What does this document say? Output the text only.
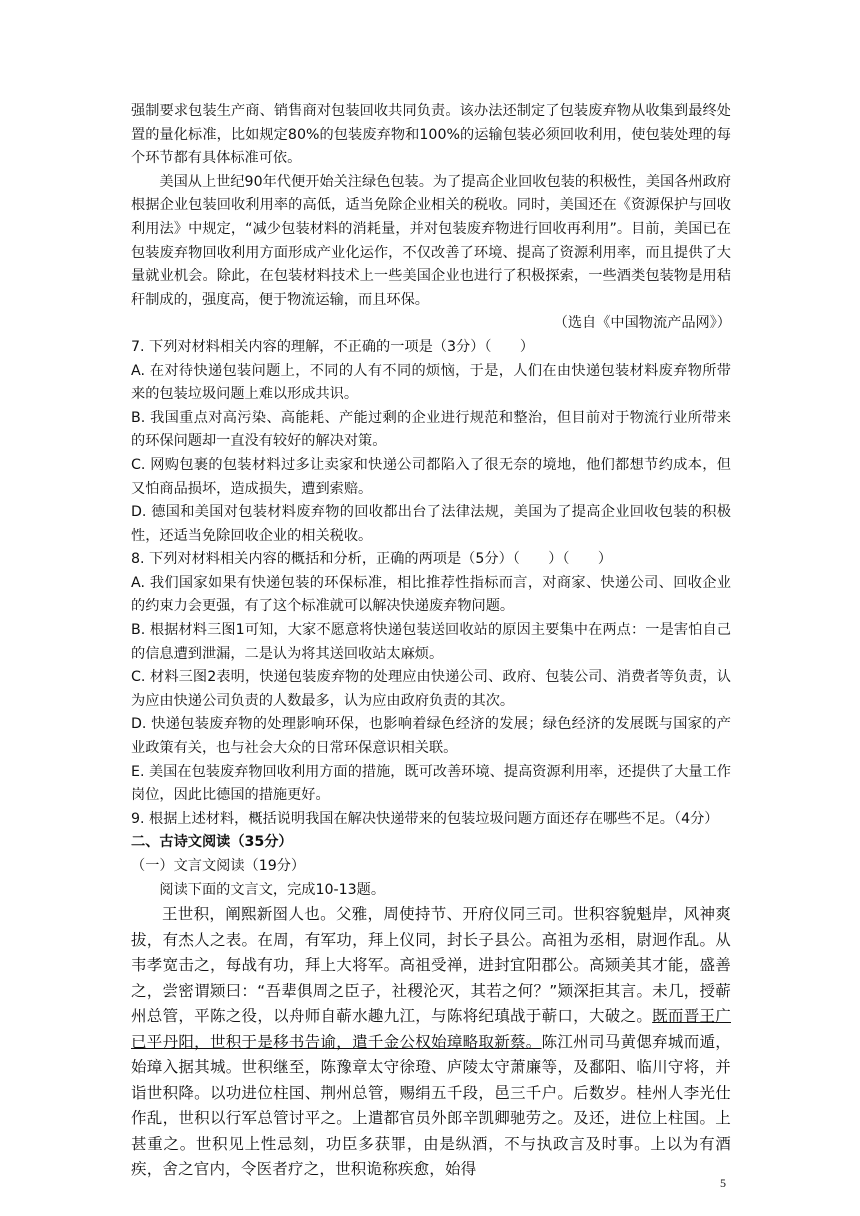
强制要求包装生产商、销售商对包装回收共同负责。该办法还制定了包装废弃物从收集到最终处置的量化标准，比如规定80%的包装废弃物和100%的运输包装必须回收利用，使包装处理的每个环节都有具体标准可依。

美国从上世纪90年代便开始关注绿色包装。为了提高企业回收包装的积极性，美国各州政府根据企业包装回收利用率的高低，适当免除企业相关的税收。同时，美国还在《资源保护与回收利用法》中规定，“减少包装材料的消耗量，并对包装废弃物进行回收再利用”。目前，美国已在包装废弃物回收利用方面形成产业化运作，不仅改善了环境、提高了资源利用率，而且提供了大量就业机会。除此，在包装材料技术上一些美国企业也进行了积极探索，一些酒类包装物是用秸秆制成的，强度高，便于物流运输，而且环保。

（选自《中国物流产品网》）

7. 下列对材料相关内容的理解，不正确的一项是（3分）（　　）

A. 在对待快递包装问题上，不同的人有不同的烦恼，于是，人们在由快递包装材料废弃物所带来的包装垃圾问题上难以形成共识。

B. 我国重点对高污染、高能耗、产能过剩的企业进行规范和整治，但目前对于物流行业所带来的环保问题却一直没有较好的解决对策。

C. 网购包裹的包装材料过多让卖家和快递公司都陷入了很无奈的境地，他们都想节约成本，但又怕商品损坏，造成损失，遭到索赔。

D. 德国和美国对包装材料废弃物的回收都出台了法律法规，美国为了提高企业回收包装的积极性，还适当免除回收企业的相关税收。

8. 下列对材料相关内容的概括和分析，正确的两项是（5分）（　　）（　　）

A. 我们国家如果有快递包装的环保标准，相比推荐性指标而言，对商家、快递公司、回收企业的约束力会更强，有了这个标准就可以解决快递废弃物问题。

B. 根据材料三图1可知，大家不愿意将快递包装送回收站的原因主要集中在两点：一是害怕自己的信息遭到泄漏，二是认为将其送回收站太麻烦。

C. 材料三图2表明，快递包装废弃物的处理应由快递公司、政府、包装公司、消费者等负责，认为应由快递公司负责的人数最多，认为应由政府负责的其次。

D. 快递包装废弃物的处理影响环保，也影响着绿色经济的发展；绿色经济的发展既与国家的产业政策有关，也与社会大众的日常环保意识相关联。

E. 美国在包装废弃物回收利用方面的措施，既可改善环境、提高资源利用率，还提供了大量工作岗位，因此比德国的措施更好。

9. 根据上述材料，概括说明我国在解决快递带来的包装垃圾问题方面还存在哪些不足。（4分）

二、古诗文阅读（35分）

（一）文言文阅读（19分）

阅读下面的文言文，完成10-13题。

王世积，阐熙新囶人也。父雅，周使持节、开府仪同三司。世积容貌魁岸，风神爽拔，有杰人之表。在周，有军功，拜上仪同，封长子县公。高祖为丞相，尉迥作乱。从韦孝宽击之，每战有功，拜上大将军。高祖受禅，进封宜阳郡公。高颎美其才能，盛善之，尝密谓颎曰：“吾辈俱周之臣子，社稷沦灭，其若之何？”颎深拒其言。未几，授蕲州总管，平陈之役，以舟师自蕲水趣九江，与陈将纪瑱战于蕲口，大破之。既而晋王广已平丹阳，世积于是移书告谕，遣千金公权始璋略取新蔡。陈江州司马黄偲弃城而遁，始璋入据其城。世积继至，陈豫章太守徐璒、庐陵太守萧廉等，及鄱阳、临川守将，并诣世积降。以功进位柱国、荆州总管，赐绢五千段，邑三千户。后数岁。桂州人李光仕作乱，世积以行军总管讨平之。上遣都官员外郎辛凯卿驰劳之。及还，进位上柱国。上甚重之。世积见上性忌刻，功臣多获罪，由是纵酒，不与执政言及时事。上以为有酒疾，舍之官内，令医者疗之，世积诡称疾愈，始得

5
